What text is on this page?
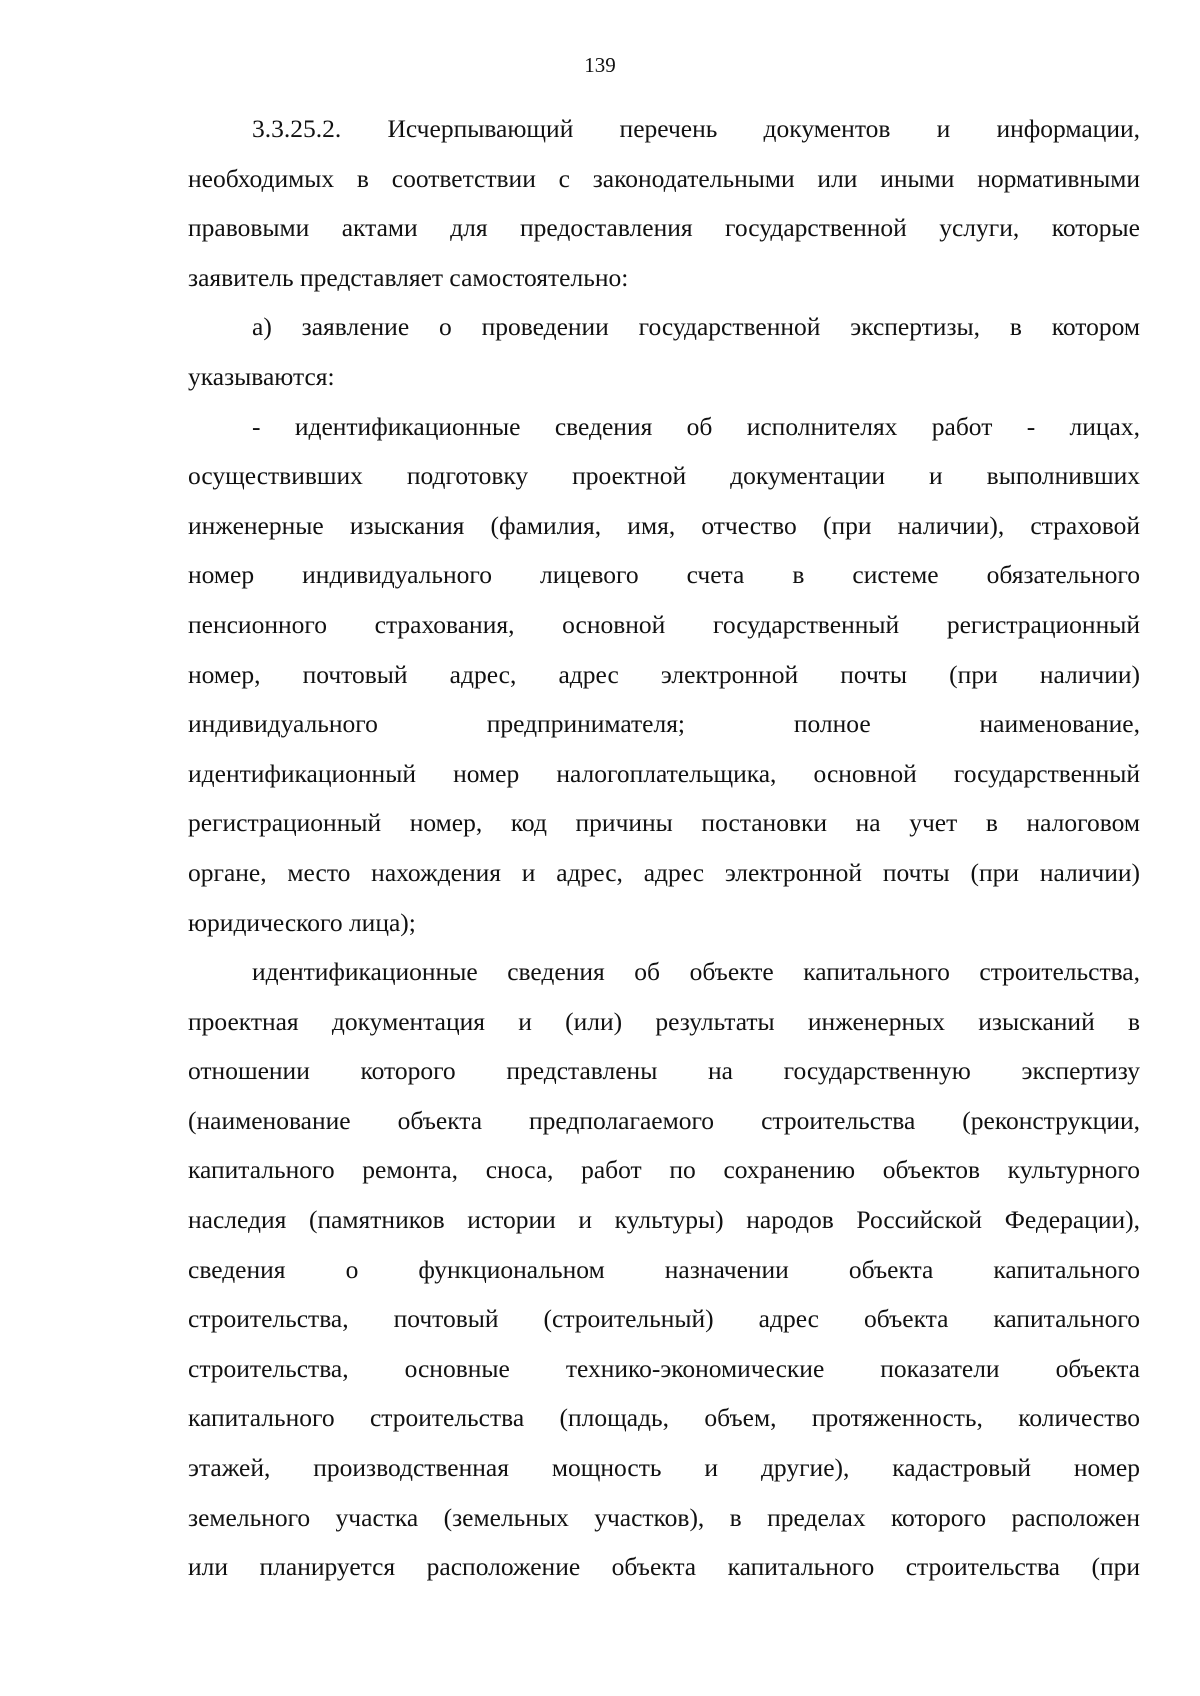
139
3.3.25.2. Исчерпывающий перечень документов и информации,
необходимых в соответствии с законодательными или иными нормативными
правовыми актами для предоставления государственной услуги, которые
заявитель представляет самостоятельно:
а) заявление о проведении государственной экспертизы, в котором
указываются:
- идентификационные сведения об исполнителях работ - лицах,
осуществивших подготовку проектной документации и выполнивших
инженерные изыскания (фамилия, имя, отчество (при наличии), страховой
номер индивидуального лицевого счета в системе обязательного
пенсионного страхования, основной государственный регистрационный
номер, почтовый адрес, адрес электронной почты (при наличии)
индивидуального предпринимателя; полное наименование,
идентификационный номер налогоплательщика, основной государственный
регистрационный номер, код причины постановки на учет в налоговом
органе, место нахождения и адрес, адрес электронной почты (при наличии)
юридического лица);
идентификационные сведения об объекте капитального строительства,
проектная документация и (или) результаты инженерных изысканий в
отношении которого представлены на государственную экспертизу
(наименование объекта предполагаемого строительства (реконструкции,
капитального ремонта, сноса, работ по сохранению объектов культурного
наследия (памятников истории и культуры) народов Российской Федерации),
сведения о функциональном назначении объекта капитального
строительства, почтовый (строительный) адрес объекта капитального
строительства, основные технико-экономические показатели объекта
капитального строительства (площадь, объем, протяженность, количество
этажей, производственная мощность и другие), кадастровый номер
земельного участка (земельных участков), в пределах которого расположен
или планируется расположение объекта капитального строительства (при
